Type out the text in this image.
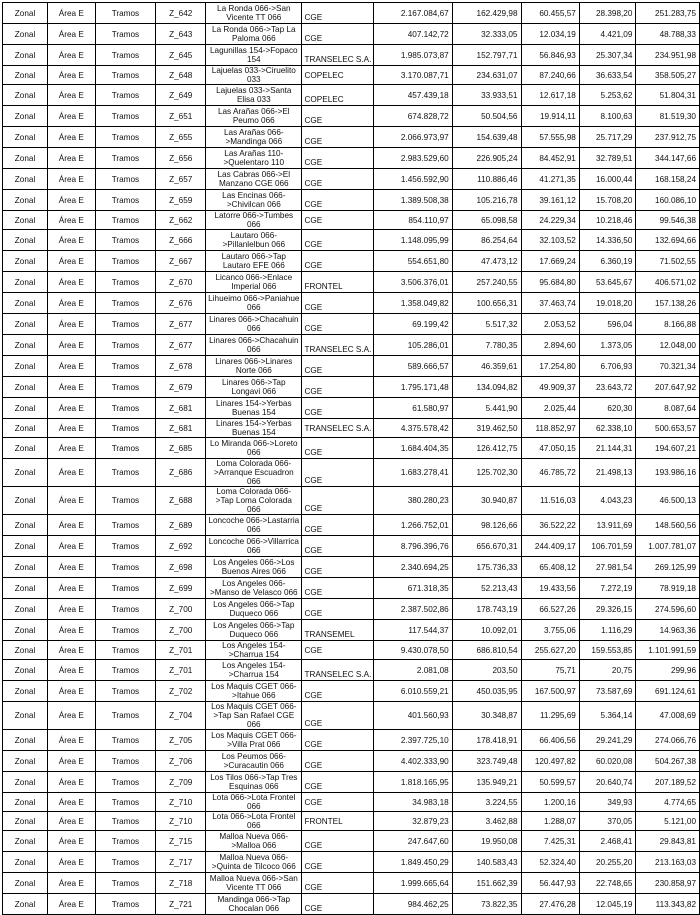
Zonal	Área E	Tramos	Z_642	La Ronda 066->San Vicente TT 066	CGE	2.167.084,67	162.429,98	60.455,57	28.398,20	251.283,75
Zonal	Área E	Tramos	Z_643	La Ronda 066->Tap La Paloma 066	CGE	407.142,72	32.333,05	12.034,19	4.421,09	48.788,33
Zonal	Área E	Tramos	Z_645	Lagunillas 154->Fopaco 154	TRANSELEC S.A.	1.985.073,87	152.797,71	56.846,93	25.307,34	234.951,98
Zonal	Área E	Tramos	Z_648	Lajuelas 033->Ciruelito 033	COPELEC	3.170.087,71	234.631,07	87.240,66	36.633,54	358.505,27
Zonal	Área E	Tramos	Z_649	Lajuelas 033->Santa Elisa 033	COPELEC	457.439,18	33.933,51	12.617,18	5.253,62	51.804,31
Zonal	Área E	Tramos	Z_651	Las Arañas 066->El Peumo 066	CGE	674.828,72	50.504,56	19.914,11	8.100,63	81.519,30
Zonal	Área E	Tramos	Z_655	Las Arañas 066->Mandinga 066	CGE	2.066.973,97	154.639,48	57.555,98	25.717,29	237.912,75
Zonal	Área E	Tramos	Z_656	Las Arañas 110->Quelentaro 110	CGE	2.983.529,60	226.905,24	84.452,91	32.789,51	344.147,66
Zonal	Área E	Tramos	Z_657	Las Cabras 066->El Manzano CGE 066	CGE	1.456.592,90	110.886,46	41.271,35	16.000,44	168.158,24
Zonal	Área E	Tramos	Z_659	Las Encinas 066->Chivilcan 066	CGE	1.389.508,38	105.216,78	39.161,12	15.708,20	160.086,10
Zonal	Área E	Tramos	Z_662	Latorre 066->Tumbes 066	CGE	854.110,97	65.098,58	24.229,34	10.218,46	99.546,38
Zonal	Área E	Tramos	Z_666	Lautaro 066->Pillanlelbun 066	CGE	1.148.095,99	86.254,64	32.103,52	14.336,50	132.694,66
Zonal	Área E	Tramos	Z_667	Lautaro 066->Tap Lautaro EFE 066	CGE	554.651,80	47.473,12	17.669,24	6.360,19	71.502,55
Zonal	Área E	Tramos	Z_670	Licanco 066->Enlace Imperial 066	FRONTEL	3.506.376,01	257.240,55	95.684,80	53.645,67	406.571,02
Zonal	Área E	Tramos	Z_676	Lihueimo 066->Paniahue 066	CGE	1.358.049,82	100.656,31	37.463,74	19.018,20	157.138,26
Zonal	Área E	Tramos	Z_677	Linares 066->Chacahuin 066	CGE	69.199,42	5.517,32	2.053,52	596,04	8.166,88
Zonal	Área E	Tramos	Z_677	Linares 066->Chacahuin 066	TRANSELEC S.A.	105.286,01	7.780,35	2.894,60	1.373,05	12.048,00
Zonal	Área E	Tramos	Z_678	Linares 066->Linares Norte 066	CGE	589.666,57	46.359,61	17.254,80	6.706,93	70.321,34
Zonal	Área E	Tramos	Z_679	Linares 066->Tap Longavi 066	CGE	1.795.171,48	134.094,82	49.909,37	23.643,72	207.647,92
Zonal	Área E	Tramos	Z_681	Linares 154->Yerbas Buenas 154	CGE	61.580,97	5.441,90	2.025,44	620,30	8.087,64
Zonal	Área E	Tramos	Z_681	Linares 154->Yerbas Buenas 154	TRANSELEC S.A.	4.375.578,42	319.462,50	118.852,97	62.338,10	500.653,57
Zonal	Área E	Tramos	Z_685	Lo Miranda 066->Loreto 066	CGE	1.684.404,35	126.412,75	47.050,15	21.144,31	194.607,21
Zonal	Área E	Tramos	Z_686	Loma Colorada 066->Arranque Escuadron 066	CGE	1.683.278,41	125.702,30	46.785,72	21.498,13	193.986,16
Zonal	Área E	Tramos	Z_688	Loma Colorada 066->Tap Loma Colorada 066	CGE	380.280,23	30.940,87	11.516,03	4.043,23	46.500,13
Zonal	Área E	Tramos	Z_689	Loncoche 066->Lastarria 066	CGE	1.266.752,01	98.126,66	36.522,22	13.911,69	148.560,56
Zonal	Área E	Tramos	Z_692	Loncoche 066->Villarrica 066	CGE	8.796.396,76	656.670,31	244.409,17	106.701,59	1.007.781,07
Zonal	Área E	Tramos	Z_698	Los Angeles 066->Los Buenos Aires 066	CGE	2.340.694,25	175.736,33	65.408,12	27.981,54	269.125,99
Zonal	Área E	Tramos	Z_699	Los Angeles 066->Manso de Velasco 066	CGE	671.318,35	52.213,43	19.433,56	7.272,19	78.919,18
Zonal	Área E	Tramos	Z_700	Los Angeles 066->Tap Duqueco 066	CGE	2.387.502,86	178.743,19	66.527,26	29.326,15	274.596,60
Zonal	Área E	Tramos	Z_700	Los Angeles 066->Tap Duqueco 066	TRANSEMEL	117.544,37	10.092,01	3.755,06	1.116,29	14.963,36
Zonal	Área E	Tramos	Z_701	Los Angeles 154->Charrua 154	CGE	9.430.078,50	686.810,54	255.627,20	159.553,85	1.101.991,59
Zonal	Área E	Tramos	Z_701	Los Angeles 154->Charrua 154	TRANSELEC S.A.	2.081,08	203,50	75,71	20,75	299,96
Zonal	Área E	Tramos	Z_702	Los Maquis CGET 066->Itahue 066	CGE	6.010.559,21	450.035,95	167.500,97	73.587,69	691.124,61
Zonal	Área E	Tramos	Z_704	Los Maquis CGET 066->Tap San Rafael CGE 066	CGE	401.560,93	30.348,87	11.295,69	5.364,14	47.008,69
Zonal	Área E	Tramos	Z_705	Los Maquis CGET 066->Villa Prat 066	CGE	2.397.725,10	178.418,91	66.406,56	29.241,29	274.066,76
Zonal	Área E	Tramos	Z_706	Los Peumos 066->Curacautin 066	CGE	4.402.333,90	323.749,48	120.497,82	60.020,08	504.267,38
Zonal	Área E	Tramos	Z_709	Los Tilos 066->Tap Tres Esquinas 066	CGE	1.818.165,95	135.949,21	50.599,57	20.640,74	207.189,52
Zonal	Área E	Tramos	Z_710	Lota 066->Lota Frontel 066	CGE	34.983,18	3.224,55	1.200,16	349,93	4.774,65
Zonal	Área E	Tramos	Z_710	Lota 066->Lota Frontel 066	FRONTEL	32.879,23	3.462,88	1.288,07	370,05	5.121,00
Zonal	Área E	Tramos	Z_715	Malloa Nueva 066->Malloa 066	CGE	247.647,60	19.950,08	7.425,31	2.468,41	29.843,81
Zonal	Área E	Tramos	Z_717	Malloa Nueva 066->Quinta de Tilcoco 066	CGE	1.849.450,29	140.583,43	52.324,40	20.255,20	213.163,03
Zonal	Área E	Tramos	Z_718	Malloa Nueva 066->San Vicente TT 066	CGE	1.999.665,64	151.662,39	56.447,93	22.748,65	230.858,97
Zonal	Área E	Tramos	Z_721	Mandinga 066->Tap Chocalan 066	CGE	984.462,25	73.822,35	27.476,28	12.045,19	113.343,82
